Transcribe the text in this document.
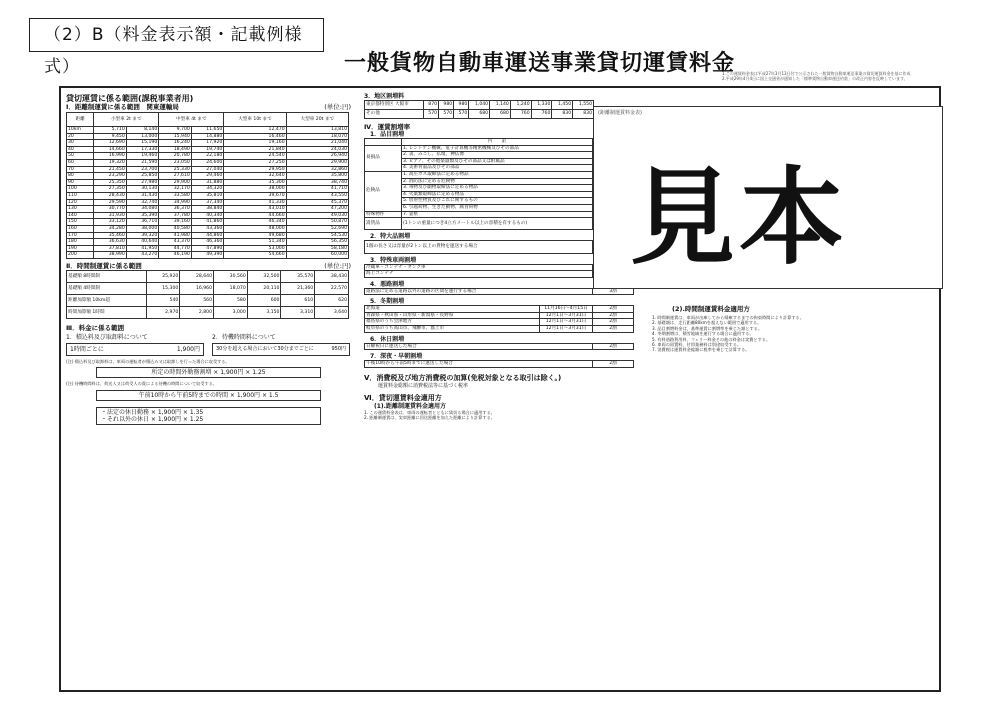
（2）B（料金表示額・記載例様式）	一般貨物自動車運送事業貸切運賃料金
1.この運賃料金表は平成27年3月13日付で公示された一般貨物自動車運送事業の貸切運賃料金を基に作成
2.平成29年4月4日に国土交通省が通知した「標準貨物自動車運送約款」の改正内容を反映しています。
貸切運賃に係る範囲(課税事業者用)
Ⅰ．距離制運賃に係る範囲　関東運輸局	(単位:円)
距離	小型車 2t まで		中型車 4t まで		大型車 10t まで	大型車 20t まで
10km	5,710	8,140	9,700	11,650	12,470	13,810
20	9,450	13,000	15,940	14,880	16,460	18,070
30	12,690	15,190	16,240	17,920	19,160	21,040
40	14,660	17,330	18,490	19,740	21,840	24,030
50	16,990	19,460	20,780	22,180	24,540	26,940
60	19,320	21,590	23,050	24,600	27,250	29,900
70	21,450	23,700	25,330	27,040	29,950	32,860
80	23,290	25,850	27,610	29,460	32,640	35,800
90	25,350	27,980	29,900	31,880	35,300	38,740
100	27,350	30,130	32,170	34,320	38,000	41,710
110	28,430	31,430	33,580	35,810	39,670	43,550
120	29,590	32,740	34,990	37,340	41,330	45,370
130	30,770	34,080	36,370	38,840	43,010	47,200
140	31,930	35,390	37,780	40,340	44,660	49,030
150	33,120	36,710	39,160	41,860	46,340	50,870
160	34,280	38,000	40,580	43,360	48,000	52,690
170	35,460	39,320	41,980	44,860	49,680	54,530
180	36,630	40,640	43,370	46,360	51,340	56,350
190	37,810	41,950	44,770	47,890	53,000	58,180
200	38,990	43,270	46,190	49,390	54,660	60,000
Ⅱ．時間制運賃に係る範囲	(単位:円)
基礎額 8時間制	25,920	28,640	30,560	32,500	35,570	38,430
基礎額 4時間制	15,300	16,960	18,070	20,110	21,360	22,570
距離加算額 10km超	540	560	580	600	610	620
時間加算額 1時間	2,970	2,800	3,000	3,150	3,310	3,640
Ⅲ．料金に係る範囲
1．積込料及び取卸料について
1時間ごとに	1,900円
2．待機時間料について
30分を超える場合において30分までごとに	950円
(注) 積込料及び取卸料は、車両の運転者が積込み又は取卸しを行った場合に収受する。
所定の時間外勤務割増 × 1,900円 × 1.25
(注) 待機時間料は、荷送人又は荷受人の責による待機の時間について収受する。
午前10時から午前5時までの時間 × 1,900円 × 1.5
・法定の休日勤務 × 1,900円 × 1.35
・それ以外の休日 × 1,900円 × 1.25
3．地区割増料
東京都特別区 大阪市	870	980	980	1,040	1,140	1,240	1,330	1,450	1,550
その他	570	570	570	680	680	760	760	830	830
Ⅳ．運賃割増率
1．品目割増
	内　　訳	
易損品	1. レントゲン機械、電子計算機等精密機械及びその部品	
	2. 書、みこし、仏壇、神仏像	
	3. ピアノ、その他楽器類及びその部品又は附属品	
	4. 美術骨董品及びその部品	
危険品	1. 高圧ガス取締法に定める物品	
	2. 消防法に定める危険物	
	3. 毒物及び劇物取締法に定める物品	
	4. 火薬類取締法に定める物品	
	5. 放射性物質及びこれに関するもの	
	6. 引越荷物、生きた動物、腐食荷物	
特殊物件	7. 霊柩	
嵩貨品	(1トンの重量につき4立方メートル以上の容積を有するもの)	
2．特大品割増
1個の長さ又は容量が2トン以上の貨物を運送する場合	
3．特殊車両割増
冷蔵車・コンテナ・タンク車	
海上コンテナ	
4．悪路割増
道路法に定める道路以外の道路の区間を運行する場合	3割
5．冬期割増
北海道	11月16日〜4月15日	2割
青森県・秋田県・山形県・新潟県・長野県	12月1日〜3月31日	2割
福島県のうち会津地方	12月1日〜3月31日	2割
岐阜県のうち高山市、飛騨市、郡上市	12月1日〜3月31日	2割
6．休日割増
日曜祝日に運送した場合	2割
7．深夜・早朝割増
午後10時から午前5時までに運送した場合	2割
Ⅴ．消費税及び地方消費税の加算(免税対象となる取引は除く。)
運賃料金総額に消費税法等に基づく税率
Ⅵ．貸切運賃料金適用方
(1).距離制運賃料金適用方
1. この運賃料金表は、車両の運転者とともに貸切る場合に適用する。
2. 距離制運賃は、実車距離に回送距離を加えた距離により計算する。
(距離制運賃料金表)
見本
(2).時間制運賃料金適用方
1. 時間制運賃は、車両が出庫してから帰庫するまでの拘束時間により計算する。
2. 基礎額は、走行距離80kmを超えない範囲で適用する。
3. 品目割増料金は、基準運賃に割増率を乗じた額とする。
4. 冬期割増は、積雪地域を運行する場合に適用する。
5. 有料道路利用料、フェリー料金その他の料金は実費とする。
6. 車両の留置料、付帯業務料は別途収受する。
7. 消費税は運賃料金総額に税率を乗じて計算する。
